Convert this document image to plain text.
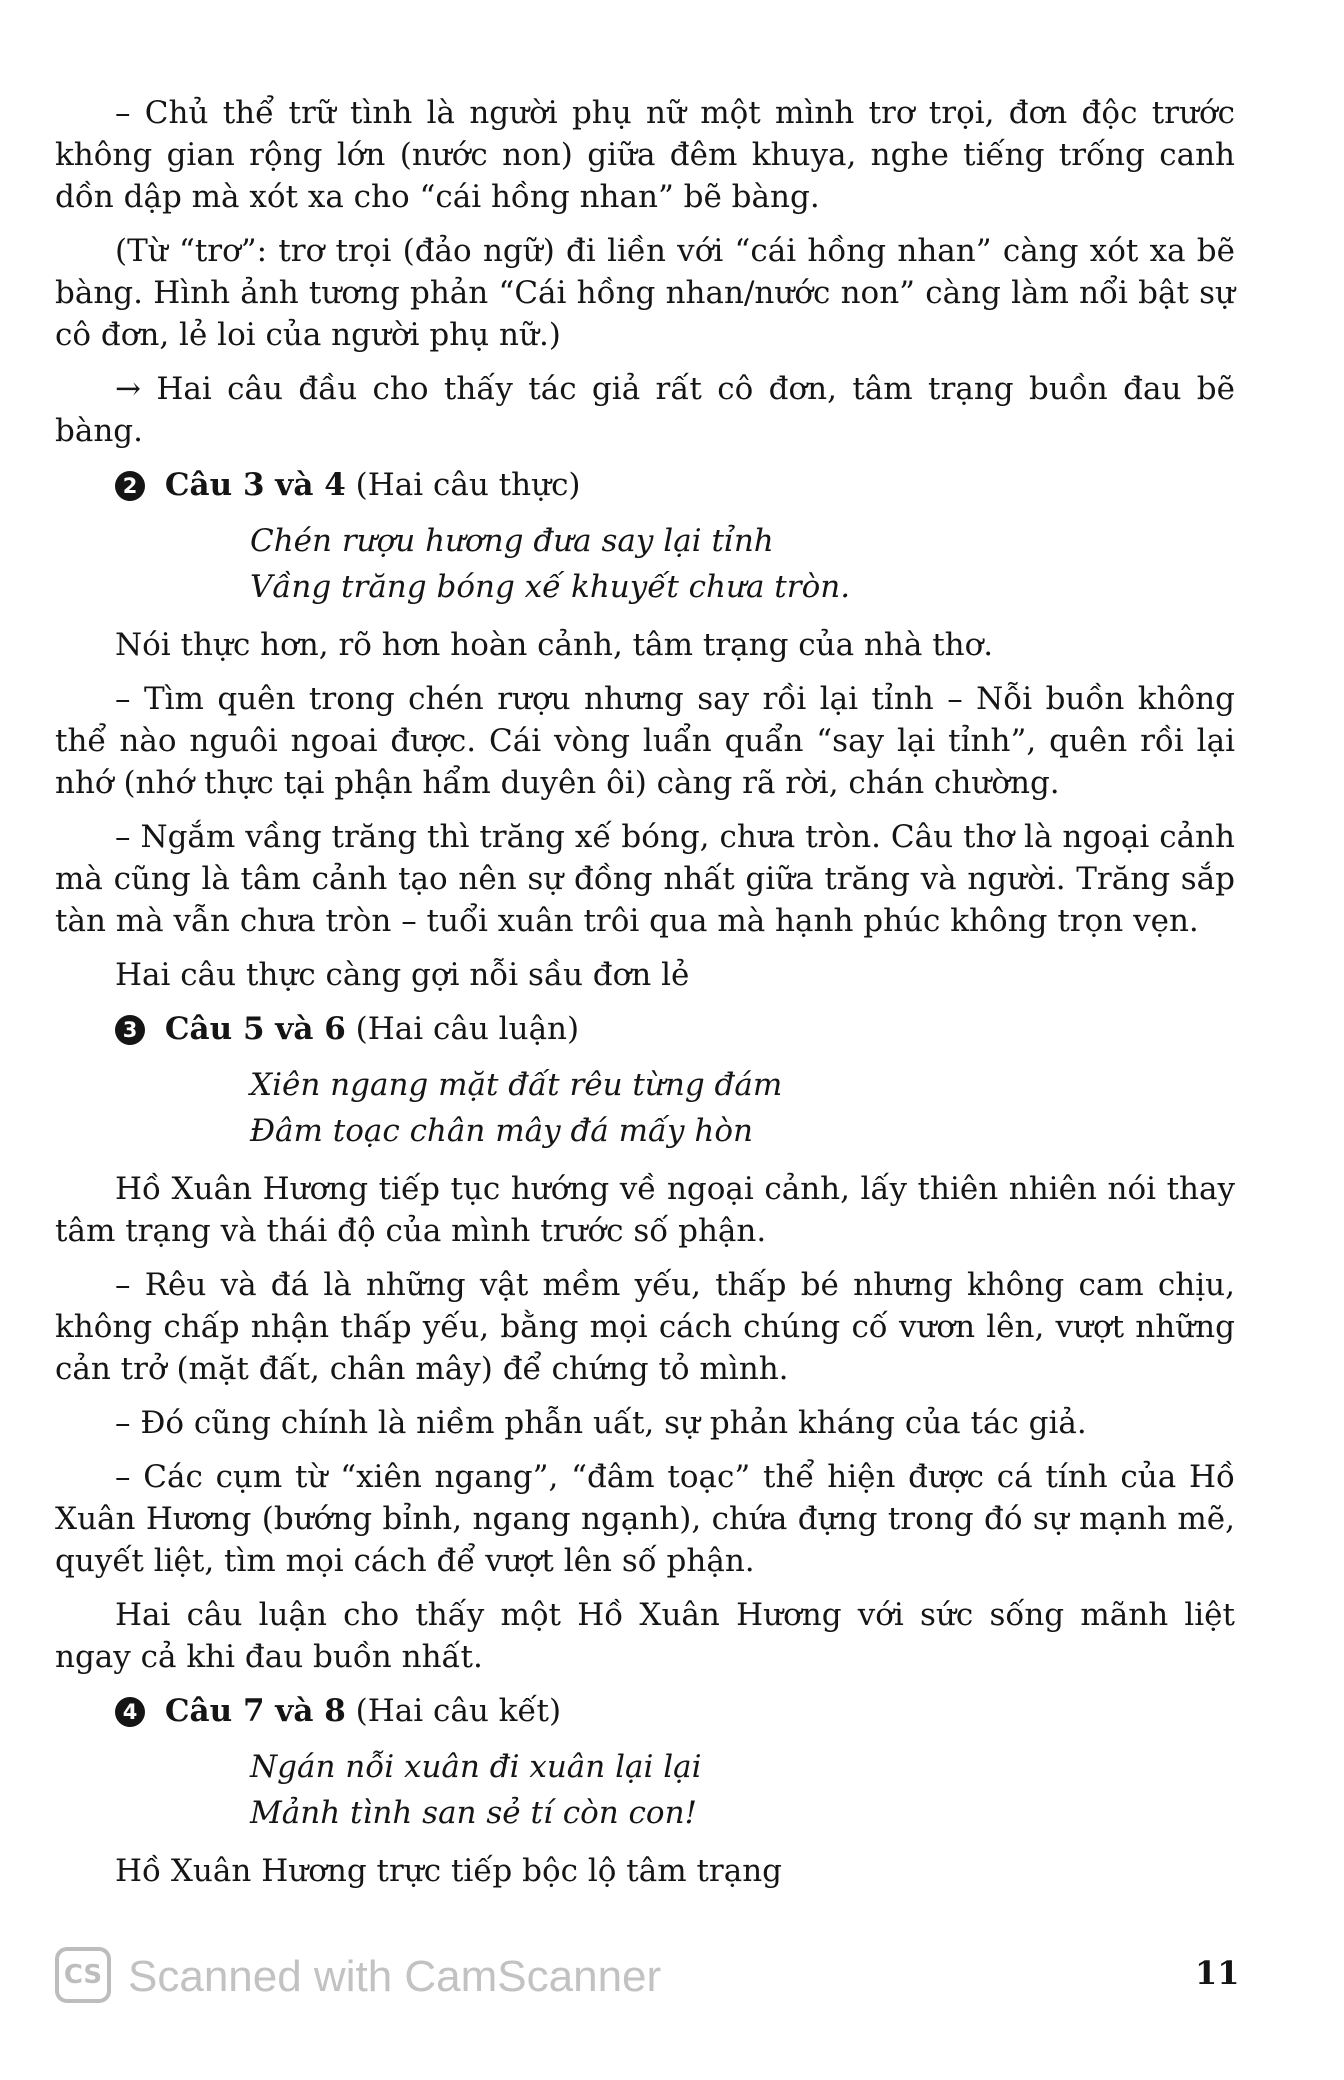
– Chủ thể trữ tình là người phụ nữ một mình trơ trọi, đơn độc trước không gian rộng lớn (nước non) giữa đêm khuya, nghe tiếng trống canh dồn dập mà xót xa cho “cái hồng nhan” bẽ bàng.

(Từ “trơ”: trơ trọi (đảo ngữ) đi liền với “cái hồng nhan” càng xót xa bẽ bàng. Hình ảnh tương phản “Cái hồng nhan/nước non” càng làm nổi bật sự cô đơn, lẻ loi của người phụ nữ.)

→ Hai câu đầu cho thấy tác giả rất cô đơn, tâm trạng buồn đau bẽ bàng.

2 Câu 3 và 4 (Hai câu thực)
Chén rượu hương đưa say lại tỉnh
Vầng trăng bóng xế khuyết chưa tròn.

Nói thực hơn, rõ hơn hoàn cảnh, tâm trạng của nhà thơ.

– Tìm quên trong chén rượu nhưng say rồi lại tỉnh – Nỗi buồn không thể nào nguôi ngoai được. Cái vòng luẩn quẩn “say lại tỉnh”, quên rồi lại nhớ (nhớ thực tại phận hẩm duyên ôi) càng rã rời, chán chường.

– Ngắm vầng trăng thì trăng xế bóng, chưa tròn. Câu thơ là ngoại cảnh mà cũng là tâm cảnh tạo nên sự đồng nhất giữa trăng và người. Trăng sắp tàn mà vẫn chưa tròn – tuổi xuân trôi qua mà hạnh phúc không trọn vẹn.

Hai câu thực càng gợi nỗi sầu đơn lẻ

3 Câu 5 và 6 (Hai câu luận)
Xiên ngang mặt đất rêu từng đám
Đâm toạc chân mây đá mấy hòn

Hồ Xuân Hương tiếp tục hướng về ngoại cảnh, lấy thiên nhiên nói thay tâm trạng và thái độ của mình trước số phận.

– Rêu và đá là những vật mềm yếu, thấp bé nhưng không cam chịu, không chấp nhận thấp yếu, bằng mọi cách chúng cố vươn lên, vượt những cản trở (mặt đất, chân mây) để chứng tỏ mình.

– Đó cũng chính là niềm phẫn uất, sự phản kháng của tác giả.

– Các cụm từ “xiên ngang”, “đâm toạc” thể hiện được cá tính của Hồ Xuân Hương (bướng bỉnh, ngang ngạnh), chứa đựng trong đó sự mạnh mẽ, quyết liệt, tìm mọi cách để vượt lên số phận.

Hai câu luận cho thấy một Hồ Xuân Hương với sức sống mãnh liệt ngay cả khi đau buồn nhất.

4 Câu 7 và 8 (Hai câu kết)
Ngán nỗi xuân đi xuân lại lại
Mảnh tình san sẻ tí còn con!

Hồ Xuân Hương trực tiếp bộc lộ tâm trạng

CS Scanned with CamScanner	11
